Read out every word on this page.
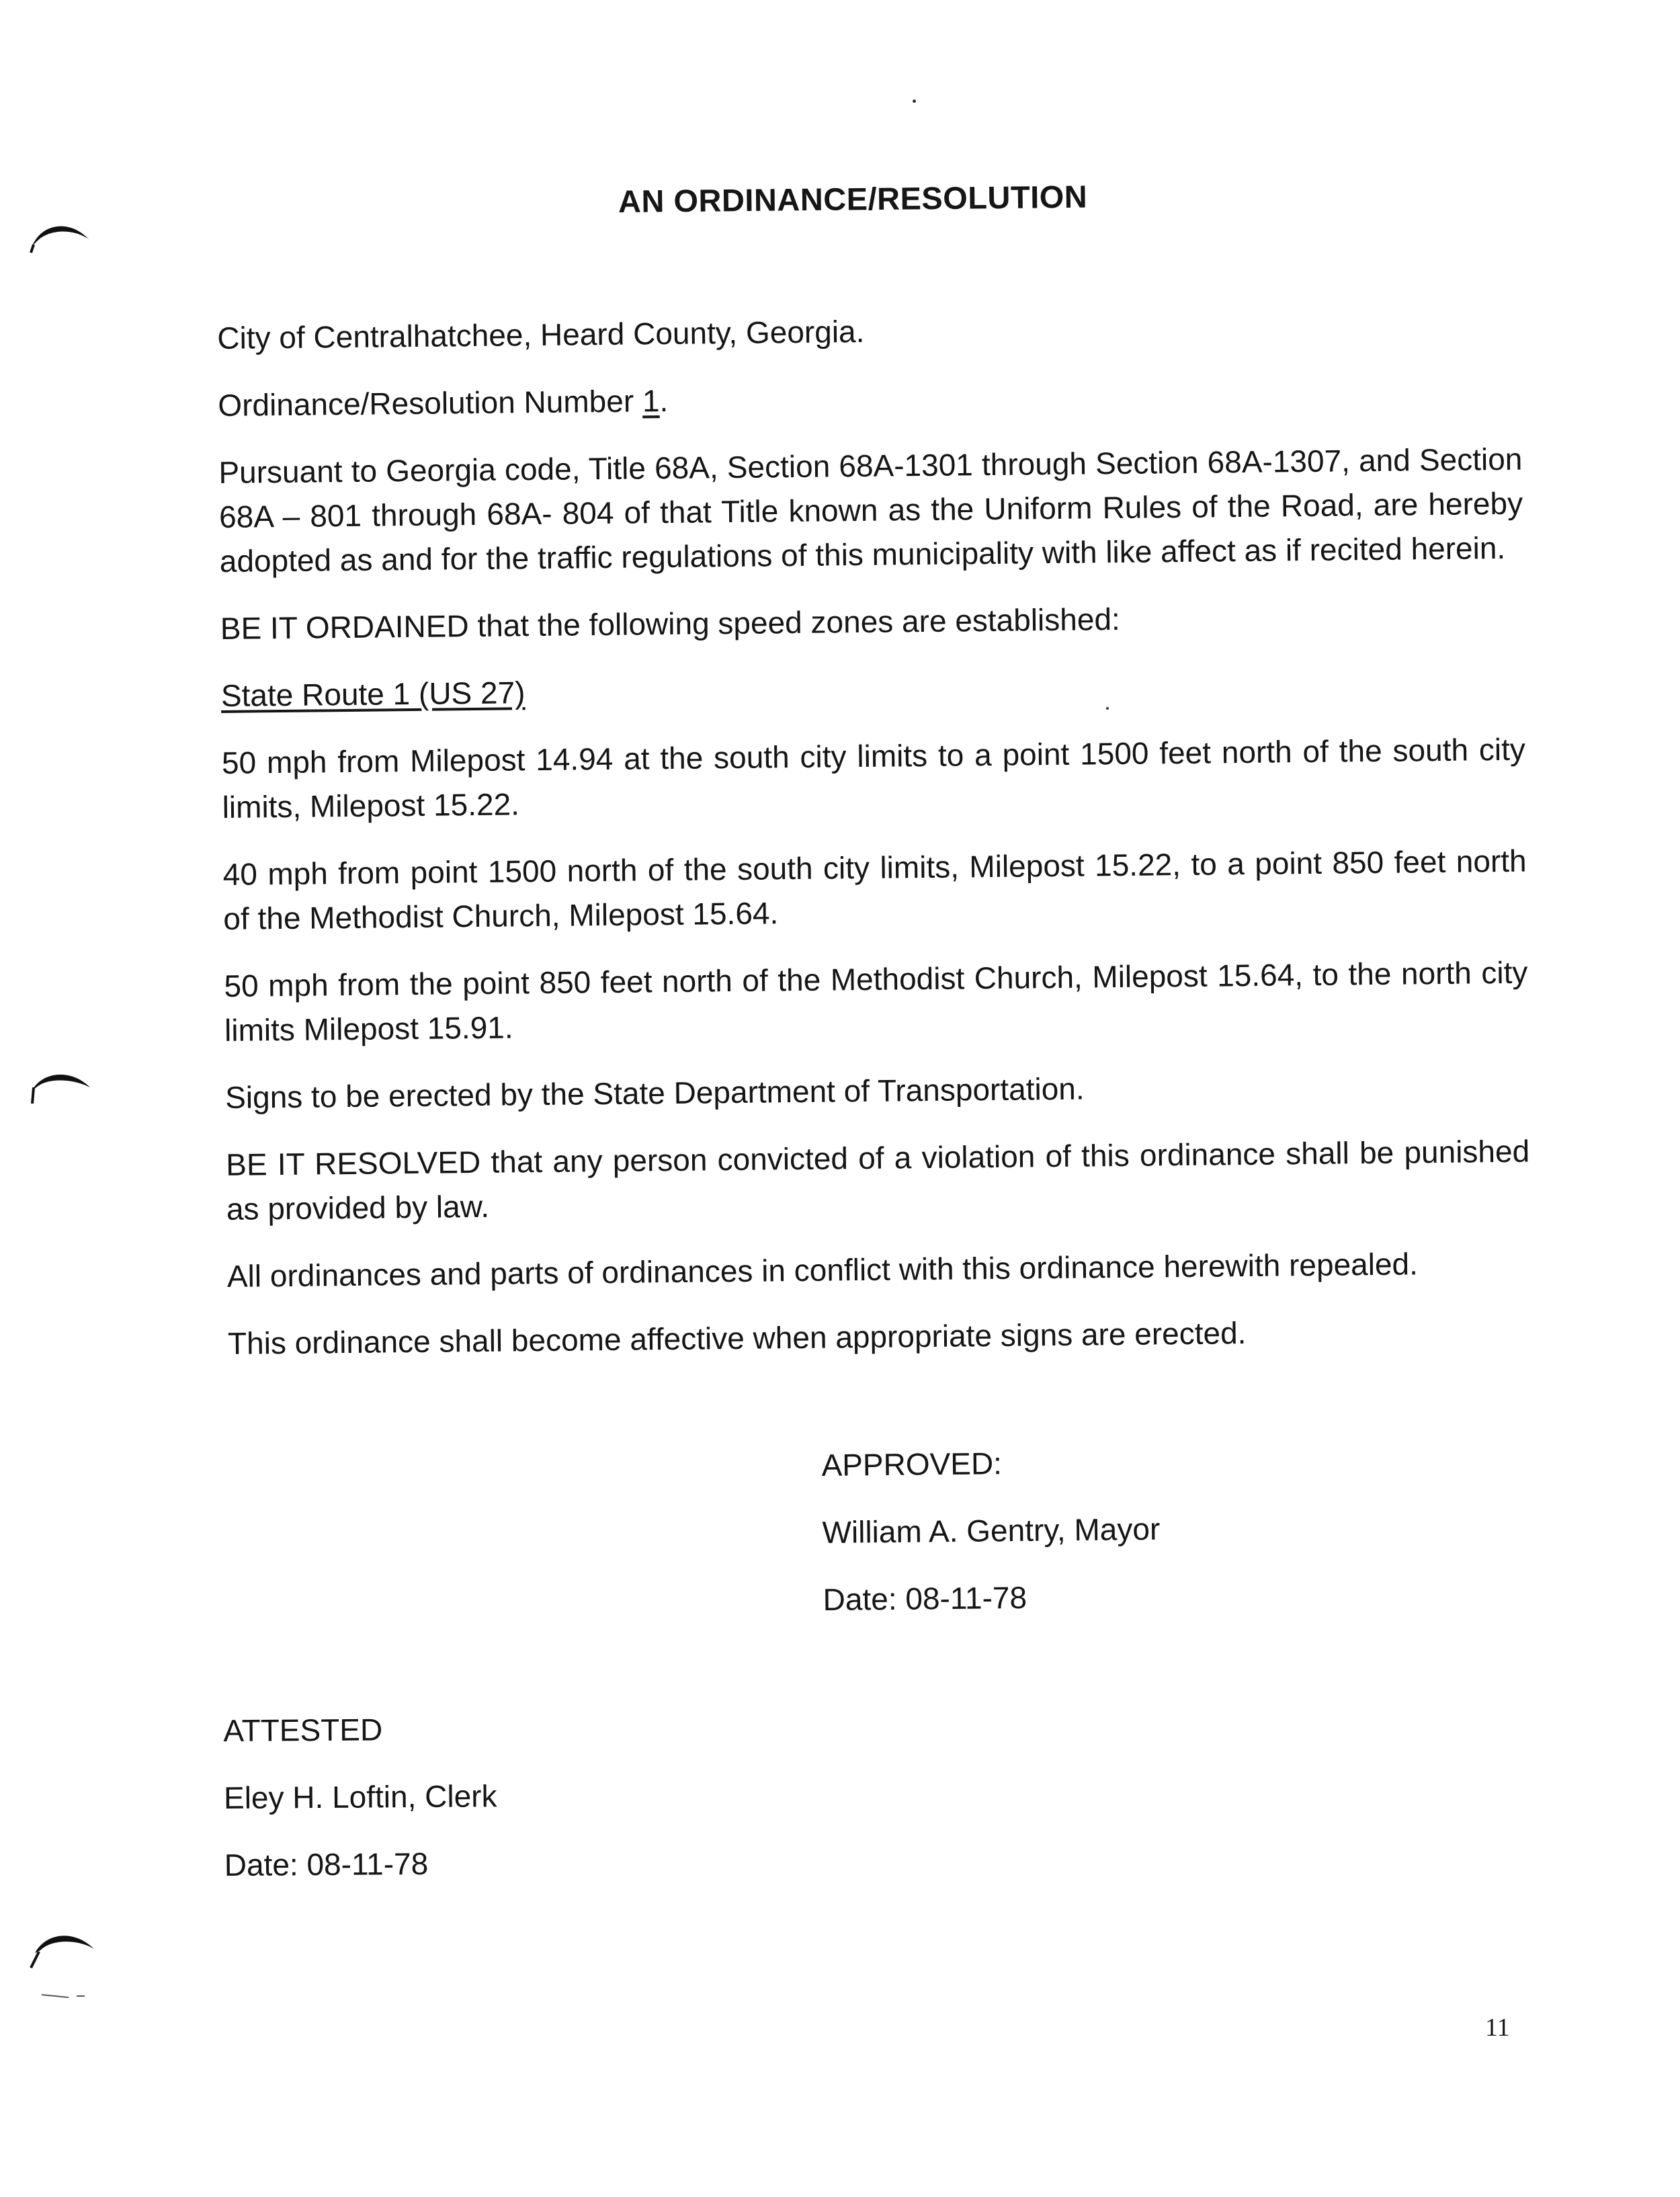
AN ORDINANCE/RESOLUTION

City of Centralhatchee, Heard County, Georgia.

Ordinance/Resolution Number 1.

Pursuant to Georgia code, Title 68A, Section 68A-1301 through Section 68A-1307, and Section 68A – 801 through 68A- 804 of that Title known as the Uniform Rules of the Road, are hereby adopted as and for the traffic regulations of this municipality with like affect as if recited herein.

BE IT ORDAINED that the following speed zones are established:

State Route 1 (US 27)

50 mph from Milepost 14.94 at the south city limits to a point 1500 feet north of the south city limits, Milepost 15.22.

40 mph from point 1500 north of the south city limits, Milepost 15.22, to a point 850 feet north of the Methodist Church, Milepost 15.64.

50 mph from the point 850 feet north of the Methodist Church, Milepost 15.64, to the north city limits Milepost 15.91.

Signs to be erected by the State Department of Transportation.

BE IT RESOLVED that any person convicted of a violation of this ordinance shall be punished as provided by law.

All ordinances and parts of ordinances in conflict with this ordinance herewith repealed.

This ordinance shall become affective when appropriate signs are erected.

APPROVED:
William A. Gentry, Mayor
Date: 08-11-78
ATTESTED
Eley H. Loftin, Clerk
Date: 08-11-78
11
